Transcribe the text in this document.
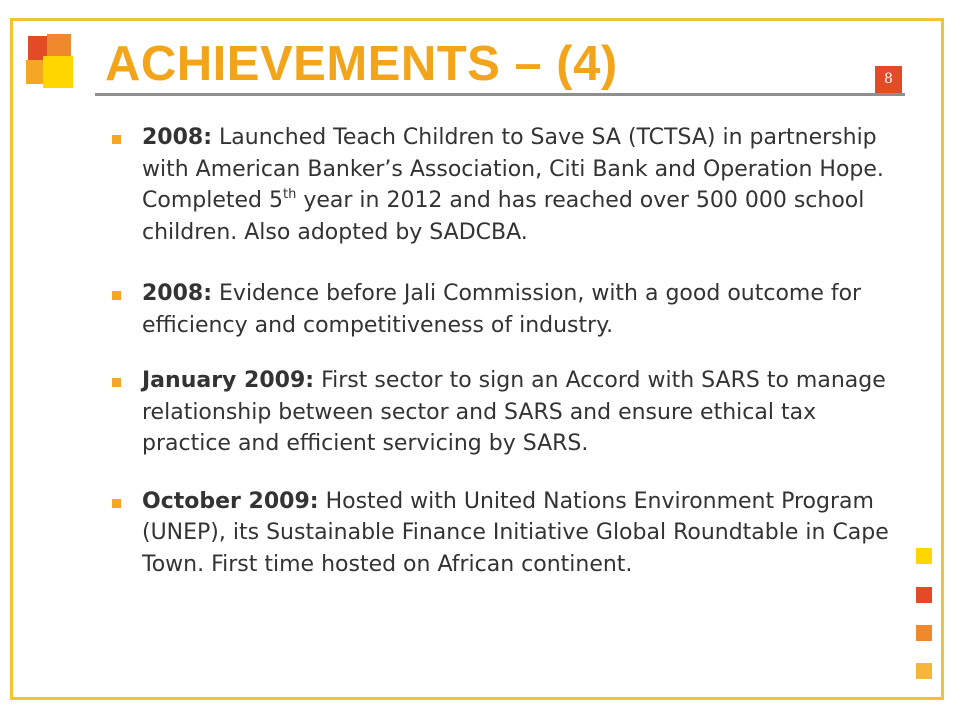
ACHIEVEMENTS – (4)	8
2008: Launched Teach Children to Save SA (TCTSA) in partnership with American Banker’s Association, Citi Bank and Operation Hope. Completed 5th year in 2012 and has reached over 500 000 school children. Also adopted by SADCBA.
2008: Evidence before Jali Commission, with a good outcome for efficiency and competitiveness of industry.
January 2009: First sector to sign an Accord with SARS to manage relationship between sector and SARS and ensure ethical tax practice and efficient servicing by SARS.
October 2009: Hosted with United Nations Environment Program (UNEP), its Sustainable Finance Initiative Global Roundtable in Cape Town. First time hosted on African continent.
